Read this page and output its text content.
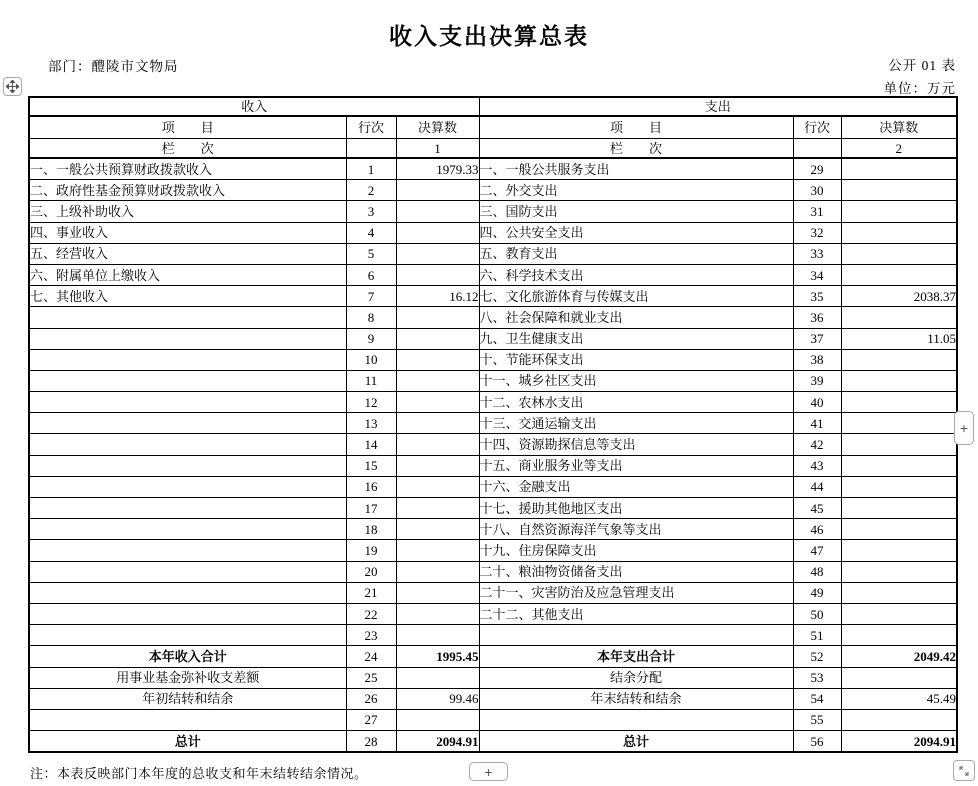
收入支出决算总表
部门：醴陵市文物局	公开 01 表
单位：万元
收入			支出		
项　　目	行次	决算数	项　　目	行次	决算数
栏　　次		1	栏　　次		2
一、一般公共预算财政拨款收入	1	1979.33	一、一般公共服务支出	29	
二、政府性基金预算财政拨款收入	2		二、外交支出	30	
三、上级补助收入	3		三、国防支出	31	
四、事业收入	4		四、公共安全支出	32	
五、经营收入	5		五、教育支出	33	
六、附属单位上缴收入	6		六、科学技术支出	34	
七、其他收入	7	16.12	七、文化旅游体育与传媒支出	35	2038.37
	8		八、社会保障和就业支出	36	
	9		九、卫生健康支出	37	11.05
	10		十、节能环保支出	38	
	11		十一、城乡社区支出	39	
	12		十二、农林水支出	40	
	13		十三、交通运输支出	41	
	14		十四、资源勘探信息等支出	42	
	15		十五、商业服务业等支出	43	
	16		十六、金融支出	44	
	17		十七、援助其他地区支出	45	
	18		十八、自然资源海洋气象等支出	46	
	19		十九、住房保障支出	47	
	20		二十、粮油物资储备支出	48	
	21		二十一、灾害防治及应急管理支出	49	
	22		二十二、其他支出	50	
	23			51	
本年收入合计	24	1995.45	本年支出合计	52	2049.42
用事业基金弥补收支差额	25		结余分配	53	
年初结转和结余	26	99.46	年末结转和结余	54	45.49
	27			55	
总计	28	2094.91	总计	56	2094.91
注：本表反映部门本年度的总收支和年末结转结余情况。
+
+
